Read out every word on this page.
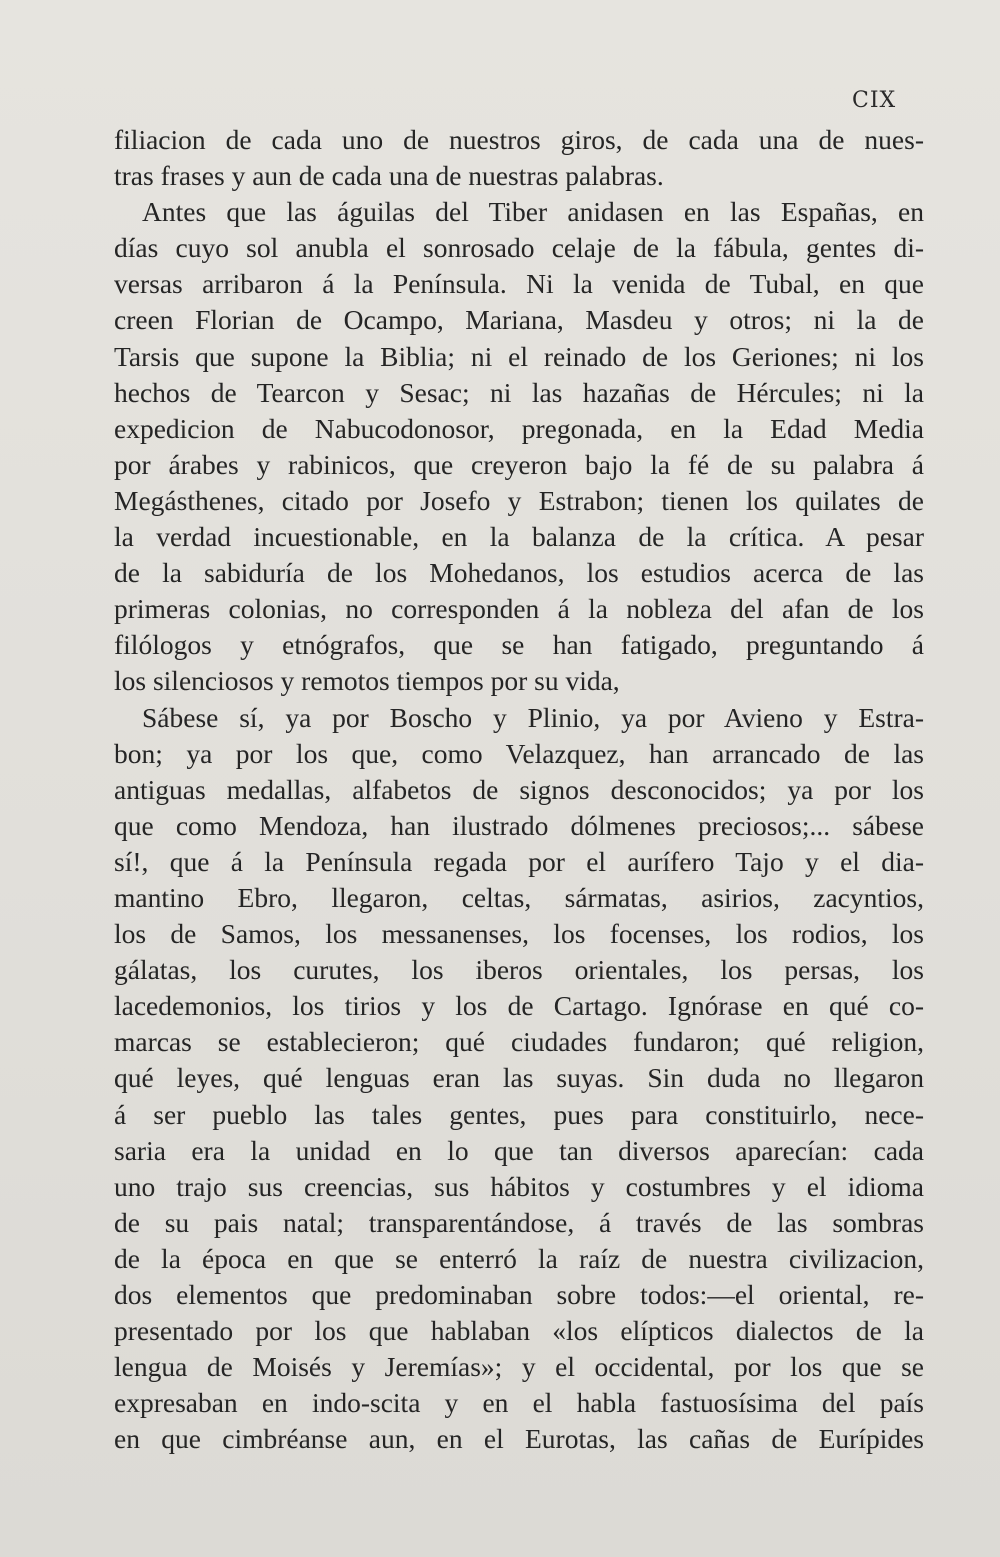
CIX
filiacion de cada uno de nuestros giros, de cada una de nues-
tras frases y aun de cada una de nuestras palabras.
Antes que las águilas del Tiber anidasen en las Españas, en
días cuyo sol anubla el sonrosado celaje de la fábula, gentes di-
versas arribaron á la Península. Ni la venida de Tubal, en que
creen Florian de Ocampo, Mariana, Masdeu y otros; ni la de
Tarsis que supone la Biblia; ni el reinado de los Geriones; ni los
hechos de Tearcon y Sesac; ni las hazañas de Hércules; ni la
expedicion de Nabucodonosor, pregonada, en la Edad Media
por árabes y rabinicos, que creyeron bajo la fé de su palabra á
Megásthenes, citado por Josefo y Estrabon; tienen los quilates de
la verdad incuestionable, en la balanza de la crítica. A pesar
de la sabiduría de los Mohedanos, los estudios acerca de las
primeras colonias, no corresponden á la nobleza del afan de los
filólogos y etnógrafos, que se han fatigado, preguntando á
los silenciosos y remotos tiempos por su vida,
Sábese sí, ya por Boscho y Plinio, ya por Avieno y Estra-
bon; ya por los que, como Velazquez, han arrancado de las
antiguas medallas, alfabetos de signos desconocidos; ya por los
que como Mendoza, han ilustrado dólmenes preciosos;... sábese
sí!, que á la Península regada por el aurífero Tajo y el dia-
mantino Ebro, llegaron, celtas, sármatas, asirios, zacyntios,
los de Samos, los messanenses, los focenses, los rodios, los
gálatas, los curutes, los iberos orientales, los persas, los
lacedemonios, los tirios y los de Cartago. Ignórase en qué co-
marcas se establecieron; qué ciudades fundaron; qué religion,
qué leyes, qué lenguas eran las suyas. Sin duda no llegaron
á ser pueblo las tales gentes, pues para constituirlo, nece-
saria era la unidad en lo que tan diversos aparecían: cada
uno trajo sus creencias, sus hábitos y costumbres y el idioma
de su pais natal; transparentándose, á través de las sombras
de la época en que se enterró la raíz de nuestra civilizacion,
dos elementos que predominaban sobre todos:—el oriental, re-
presentado por los que hablaban «los elípticos dialectos de la
lengua de Moisés y Jeremías»; y el occidental, por los que se
expresaban en indo-scita y en el habla fastuosísima del país
en que cimbréanse aun, en el Eurotas, las cañas de Eurípides
